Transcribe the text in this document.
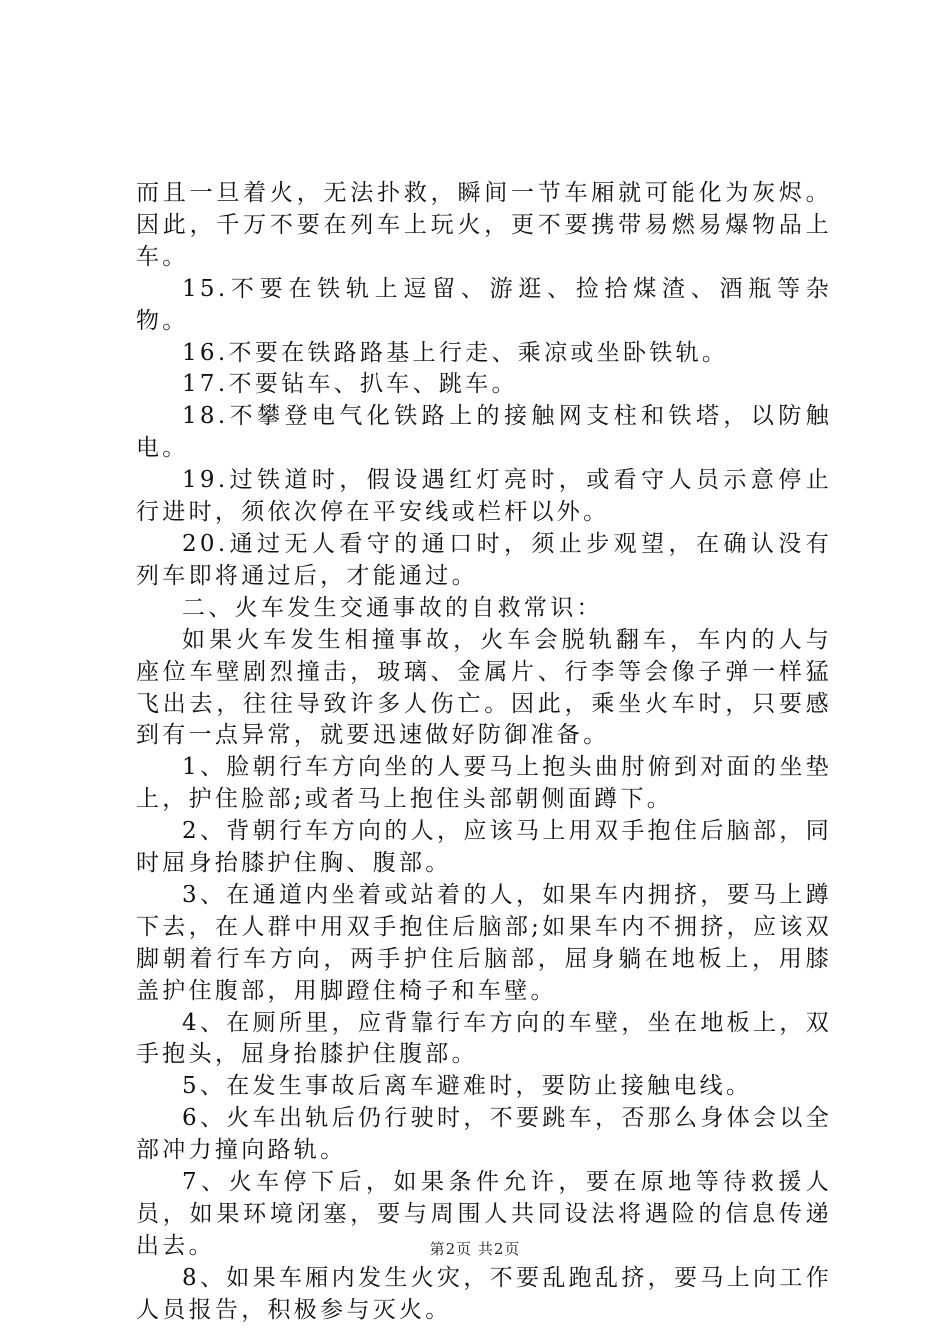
而且一旦着火，无法扑救，瞬间一节车厢就可能化为灰烬。因此，千万不要在列车上玩火，更不要携带易燃易爆物品上车。

15.不要在铁轨上逗留、游逛、捡拾煤渣、酒瓶等杂物。

16.不要在铁路路基上行走、乘凉或坐卧铁轨。

17.不要钻车、扒车、跳车。

18.不攀登电气化铁路上的接触网支柱和铁塔，以防触电。

19.过铁道时，假设遇红灯亮时，或看守人员示意停止行进时，须依次停在平安线或栏杆以外。

20.通过无人看守的通口时，须止步观望，在确认没有列车即将通过后，才能通过。

二、火车发生交通事故的自救常识：

如果火车发生相撞事故，火车会脱轨翻车，车内的人与座位车壁剧烈撞击，玻璃、金属片、行李等会像子弹一样猛飞出去，往往导致许多人伤亡。因此，乘坐火车时，只要感到有一点异常，就要迅速做好防御准备。

1、脸朝行车方向坐的人要马上抱头曲肘俯到对面的坐垫上，护住脸部;或者马上抱住头部朝侧面蹲下。

2、背朝行车方向的人，应该马上用双手抱住后脑部，同时屈身抬膝护住胸、腹部。

3、在通道内坐着或站着的人，如果车内拥挤，要马上蹲下去，在人群中用双手抱住后脑部;如果车内不拥挤，应该双脚朝着行车方向，两手护住后脑部，屈身躺在地板上，用膝盖护住腹部，用脚蹬住椅子和车壁。

4、在厕所里，应背靠行车方向的车壁，坐在地板上，双手抱头，屈身抬膝护住腹部。

5、在发生事故后离车避难时，要防止接触电线。

6、火车出轨后仍行驶时，不要跳车，否那么身体会以全部冲力撞向路轨。

7、火车停下后，如果条件允许，要在原地等待救援人员，如果环境闭塞，要与周围人共同设法将遇险的信息传递出去。

8、如果车厢内发生火灾，不要乱跑乱挤，要马上向工作人员报告，积极参与灭火。

第2页 共2页
